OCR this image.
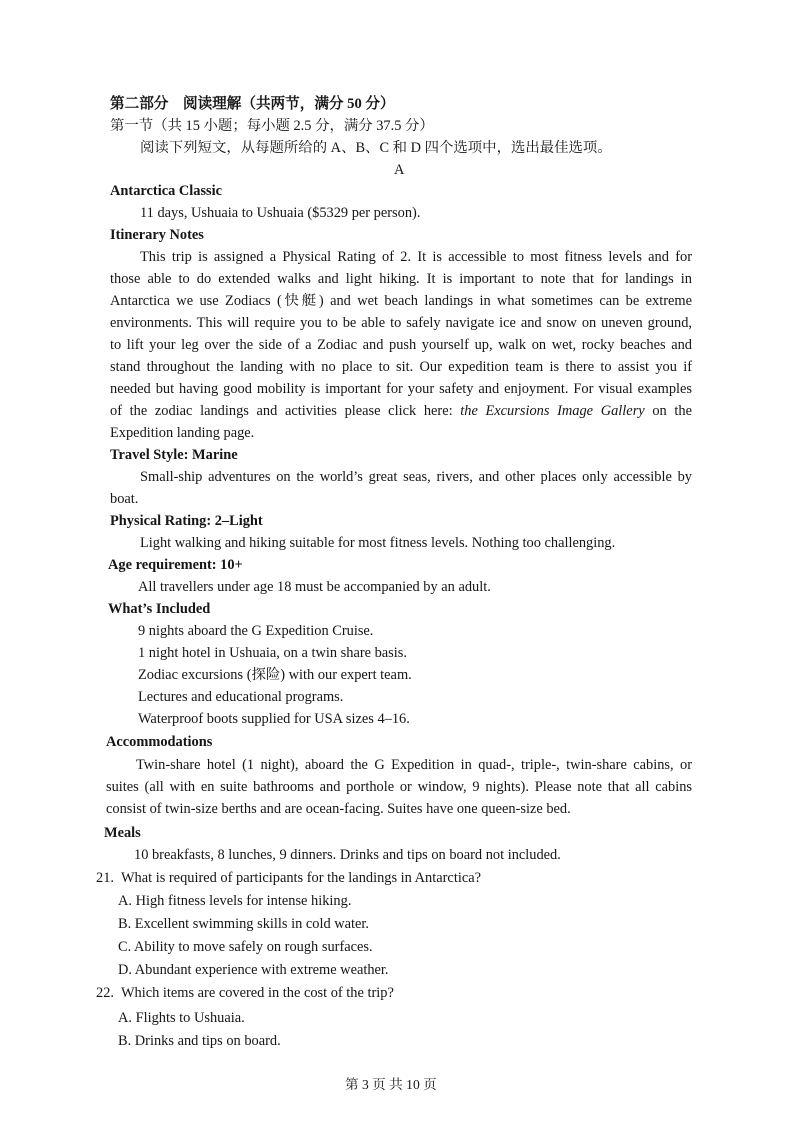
第二部分　阅读理解（共两节，满分 50 分）
第一节（共 15 小题；每小题 2.5 分，满分 37.5 分）
阅读下列短文，从每题所给的 A、B、C 和 D 四个选项中，选出最佳选项。
A
Antarctica Classic
11 days, Ushuaia to Ushuaia ($5329 per person).
Itinerary Notes
This trip is assigned a Physical Rating of 2. It is accessible to most fitness levels and for
those able to do extended walks and light hiking. It is important to note that for landings in
Antarctica we use Zodiacs (快艇) and wet beach landings in what sometimes can be extreme
environments. This will require you to be able to safely navigate ice and snow on uneven ground,
to lift your leg over the side of a Zodiac and push yourself up, walk on wet, rocky beaches and
stand throughout the landing with no place to sit. Our expedition team is there to assist you if
needed but having good mobility is important for your safety and enjoyment. For visual examples
of the zodiac landings and activities please click here: the Excursions Image Gallery on the
Expedition landing page.
Travel Style: Marine
Small-ship adventures on the world’s great seas, rivers, and other places only accessible by
boat.
Physical Rating: 2–Light
Light walking and hiking suitable for most fitness levels. Nothing too challenging.
Age requirement: 10+
All travellers under age 18 must be accompanied by an adult.
What’s Included
9 nights aboard the G Expedition Cruise.
1 night hotel in Ushuaia, on a twin share basis.
Zodiac excursions (探险) with our expert team.
Lectures and educational programs.
Waterproof boots supplied for USA sizes 4–16.
Accommodations
Twin-share hotel (1 night), aboard the G Expedition in quad-, triple-, twin-share cabins, or
suites (all with en suite bathrooms and porthole or window, 9 nights). Please note that all cabins
consist of twin-size berths and are ocean-facing. Suites have one queen-size bed.
Meals
10 breakfasts, 8 lunches, 9 dinners. Drinks and tips on board not included.
21. What is required of participants for the landings in Antarctica?
A. High fitness levels for intense hiking.
B. Excellent swimming skills in cold water.
C. Ability to move safely on rough surfaces.
D. Abundant experience with extreme weather.
22. Which items are covered in the cost of the trip?
A. Flights to Ushuaia.
B. Drinks and tips on board.
第 3 页 共 10 页
